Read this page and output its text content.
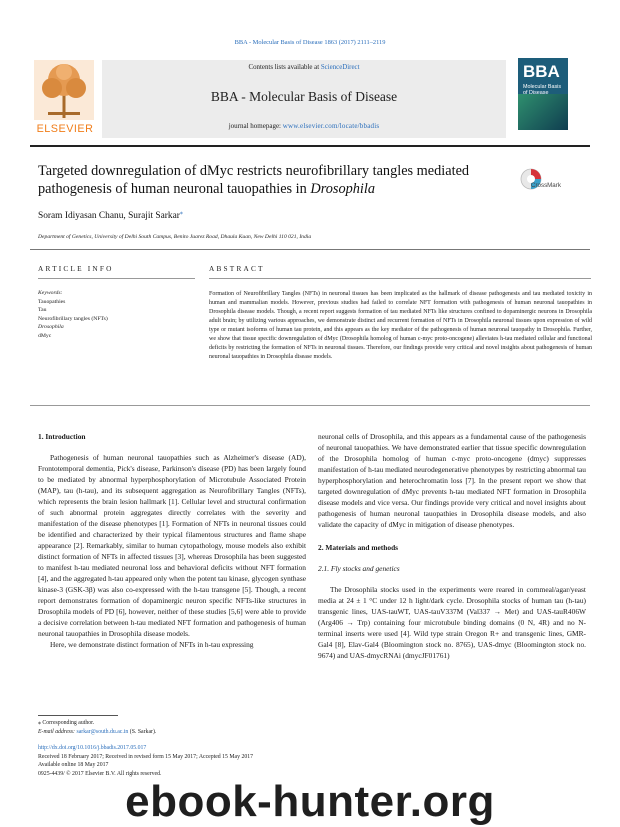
BBA - Molecular Basis of Disease 1863 (2017) 2111–2119
ELSEVIER
Contents lists available at ScienceDirect
BBA - Molecular Basis of Disease
journal homepage: www.elsevier.com/locate/bbadis
BBA
Molecular Basis of Disease
Targeted downregulation of dMyc restricts neurofibrillary tangles mediated pathogenesis of human neuronal tauopathies in Drosophila	CrossMark
Soram Idiyasan Chanu, Surajit Sarkar⁎
Department of Genetics, University of Delhi South Campus, Benito Juarez Road, Dhaula Kuan, New Delhi 110 021, India
ARTICLE INFO	ABSTRACT
Keywords:
Tauopathies
Tau
Neurofibrillary tangles (NFTs)
Drosophila
dMyc
Formation of Neurofibrillary Tangles (NFTs) in neuronal tissues has been implicated as the hallmark of disease pathogenesis and tau mediated toxicity in human and mammalian models. However, previous studies had failed to correlate NFT formation with pathogenesis of human neuronal tauopathies in Drosophila disease models. Though, a recent report suggests formation of tau mediated NFTs like structures confined to dopaminergic neurons in Drosophila adult brain; by utilizing various approaches, we demonstrate distinct and recurrent formation of NFTs in Drosophila neuronal tissues upon expression of wild type or mutant isoforms of human tau protein, and this appears as the key mediator of the pathogenesis of human neuronal tauopathy in Drosophila. Further, we show that tissue specific downregulation of dMyc (Drosophila homolog of human c-myc proto-oncogene) alleviates h-tau mediated cellular and functional deficits by restricting the formation of NFTs in neuronal tissues. Therefore, our findings provide very critical and novel insights about pathogenesis of human neuronal tauopathies in Drosophila disease models.
1. Introduction

Pathogenesis of human neuronal tauopathies such as Alzheimer's disease (AD), Frontotemporal dementia, Pick's disease, Parkinson's disease (PD) has been largely found to be mediated by abnormal hyperphosphorylation of Microtubule Associated Protein (MAP), tau (h-tau), and its subsequent aggregation as Neurofibrillary Tangles (NFTs), which represents the brain lesion hallmark [1]. Cellular level and structural confirmation of such abnormal protein aggregates directly correlates with the severity and manifestation of the disease phenotypes [1]. Formation of NFTs in neuronal tissues could be identified and characterized by their typical filamentous structures and flame shape appearance [2]. Remarkably, similar to human cytopathology, mouse models also exhibit distinct formation of NFTs in affected tissues [3], whereas Drosophila has been suggested to manifest h-tau mediated neuronal loss and behavioral deficits without NFT formation [4], and the aggregated h-tau appeared only when the potent tau kinase, glycogen synthase kinase-3 (GSK-3β) was also co-expressed with the h-tau transgene [5]. Though, a recent report demonstrates formation of dopaminergic neuron specific NFTs-like structures in Drosophila models of PD [6], however, neither of these studies [5,6] were able to provide a decisive correlation between h-tau mediated NFT formation and pathogenesis of human neuronal tauopathies in Drosophila disease models.

Here, we demonstrate distinct formation of NFTs in h-tau expressing

neuronal cells of Drosophila, and this appears as a fundamental cause of the pathogenesis of neuronal tauopathies. We have demonstrated earlier that tissue specific downregulation of the Drosophila homolog of human c-myc proto-oncogene (dmyc) suppresses manifestation of h-tau mediated neurodegenerative phenotypes by restricting abnormal tau hyperphosphorylation and heterochromatin loss [7]. In the present report we show that targeted downregulation of dMyc prevents h-tau mediated NFT formation in Drosophila disease models and vice versa. Our findings provide very critical and novel insights about pathogenesis of human neuronal tauopathies in Drosophila disease models, and also validate the capacity of dMyc in mitigation of disease phenotypes.

2. Materials and methods
2.1. Fly stocks and genetics

The Drosophila stocks used in the experiments were reared in cornmeal/agar/yeast media at 24 ± 1 °C under 12 h light/dark cycle. Drosophila stocks of human tau (h-tau) transgenic lines, UAS-tauWT, UAS-tauV337M (Val337 → Met) and UAS-tauR406W (Arg406 → Trp) containing four microtubule binding domains (0 N, 4R) and no N-terminal inserts were used [4]. Wild type strain Oregon R+ and transgenic lines, GMR-Gal4 [8], Elav-Gal4 (Bloomington stock no. 8765), UAS-dmyc (Bloomington stock no. 9674) and UAS-dmycRNAi (dmycJF01761)

⁎ Corresponding author.
E-mail address: sarkar@south.du.ac.in (S. Sarkar).
http://dx.doi.org/10.1016/j.bbadis.2017.05.017
Received 18 February 2017; Received in revised form 15 May 2017; Accepted 15 May 2017
Available online 18 May 2017
0925-4439/ © 2017 Elsevier B.V. All rights reserved.
ebook-hunter.org
